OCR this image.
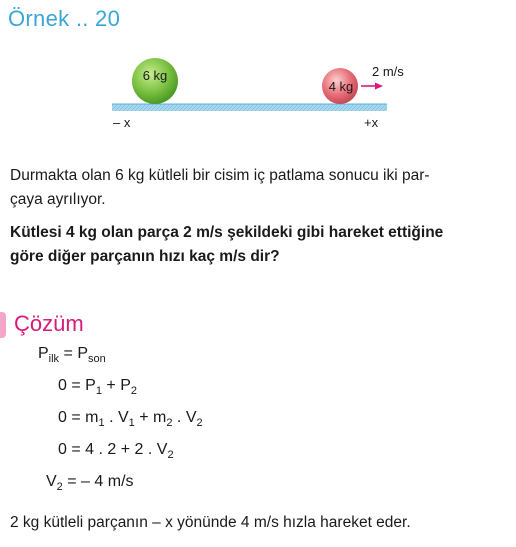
Örnek .. 20
6 kg
4 kg
2 m/s
– x	+x
Durmakta olan 6 kg kütleli bir cisim iç patlama sonucu iki par-
çaya ayrılıyor.
Kütlesi 4 kg olan parça 2 m/s şekildeki gibi hareket ettiğine
göre diğer parçanın hızı kaç m/s dir?
Çözüm
$P_{ilk} = P_{son}$
$0 = P_1 + P_2$
$0 = m_1$ . $V_1 + m_2$ . $V_2$
0 = 4 . 2 + 2 . $V_2$
$V_2$ = – 4 m/s
2 kg kütleli parçanın – x yönünde 4 m/s hızla hareket eder.
